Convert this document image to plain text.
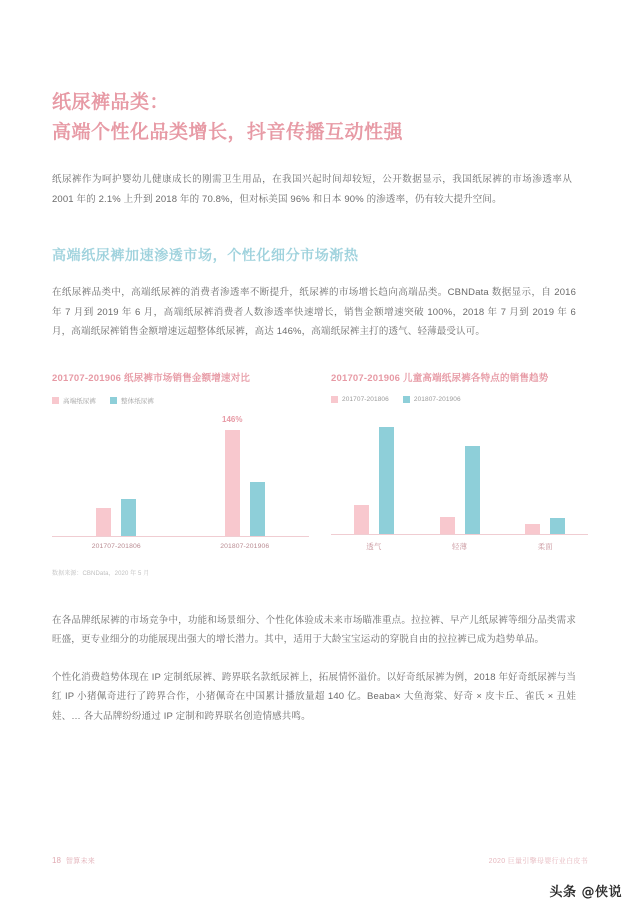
纸尿裤品类：
高端个性化品类增长，抖音传播互动性强
纸尿裤作为呵护婴幼儿健康成长的刚需卫生用品，在我国兴起时间却较短，公开数据显示，我国纸尿裤的市场渗透率从 2001 年的 2.1% 上升到 2018 年的 70.8%，但对标美国 96% 和日本 90% 的渗透率，仍有较大提升空间。
高端纸尿裤加速渗透市场，个性化细分市场渐热
在纸尿裤品类中，高端纸尿裤的消费者渗透率不断提升，纸尿裤的市场增长趋向高端品类。CBNData 数据显示，自 2016 年 7 月到 2019 年 6 月，高端纸尿裤消费者人数渗透率快速增长，销售金额增速突破 100%，2018 年 7 月到 2019 年 6 月，高端纸尿裤销售金额增速远超整体纸尿裤，高达 146%，高端纸尿裤主打的透气、轻薄最受认可。
201707-201906 纸尿裤市场销售金额增速对比
高端纸尿裤	整体纸尿裤
146%
201707-201806	201807-201906
数据来源：CBNData，2020 年 5 月
201707-201906 儿童高端纸尿裤各特点的销售趋势
201707-201806	201807-201906
透气	轻薄	柔面
在各品牌纸尿裤的市场竞争中，功能和场景细分、个性化体验成未来市场瞄准重点。拉拉裤、早产儿纸尿裤等细分品类需求旺盛，更专业细分的功能展现出强大的增长潜力。其中，适用于大龄宝宝运动的穿脱自由的拉拉裤已成为趋势单品。
个性化消费趋势体现在 IP 定制纸尿裤、跨界联名款纸尿裤上，拓展情怀溢价。以好奇纸尿裤为例，2018 年好奇纸尿裤与当红 IP 小猪佩奇进行了跨界合作，小猪佩奇在中国累计播放量超 140 亿。Beaba× 大鱼海棠、好奇 × 皮卡丘、雀氏 × 丑娃娃、… 各大品牌纷纷通过 IP 定制和跨界联名创造情感共鸣。
18 智算未来	2020 巨量引擎母婴行业白皮书
头条 @侠说
